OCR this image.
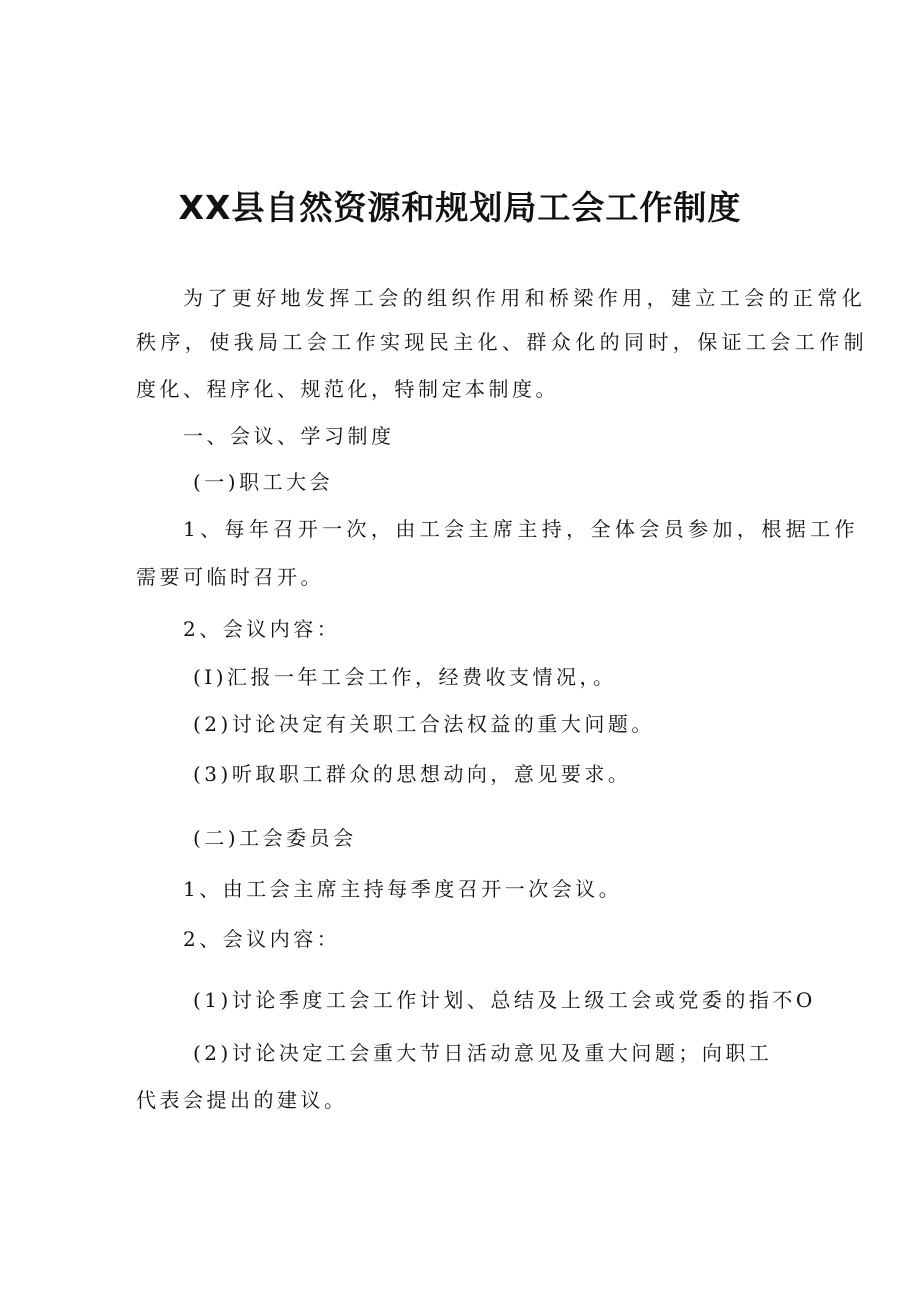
XX县自然资源和规划局工会工作制度
为了更好地发挥工会的组织作用和桥梁作用，建立工会的正常化
秩序，使我局工会工作实现民主化、群众化的同时，保证工会工作制
度化、程序化、规范化，特制定本制度。
一、会议、学习制度
(一)职工大会
1、每年召开一次，由工会主席主持，全体会员参加，根据工作
需要可临时召开。
2、会议内容：
(I)汇报一年工会工作，经费收支情况，。
(2)讨论决定有关职工合法权益的重大问题。
(3)听取职工群众的思想动向，意见要求。
(二)工会委员会
1、由工会主席主持每季度召开一次会议。
2、会议内容：
(1)讨论季度工会工作计划、总结及上级工会或党委的指不O
(2)讨论决定工会重大节日活动意见及重大问题；向职工
代表会提出的建议。
